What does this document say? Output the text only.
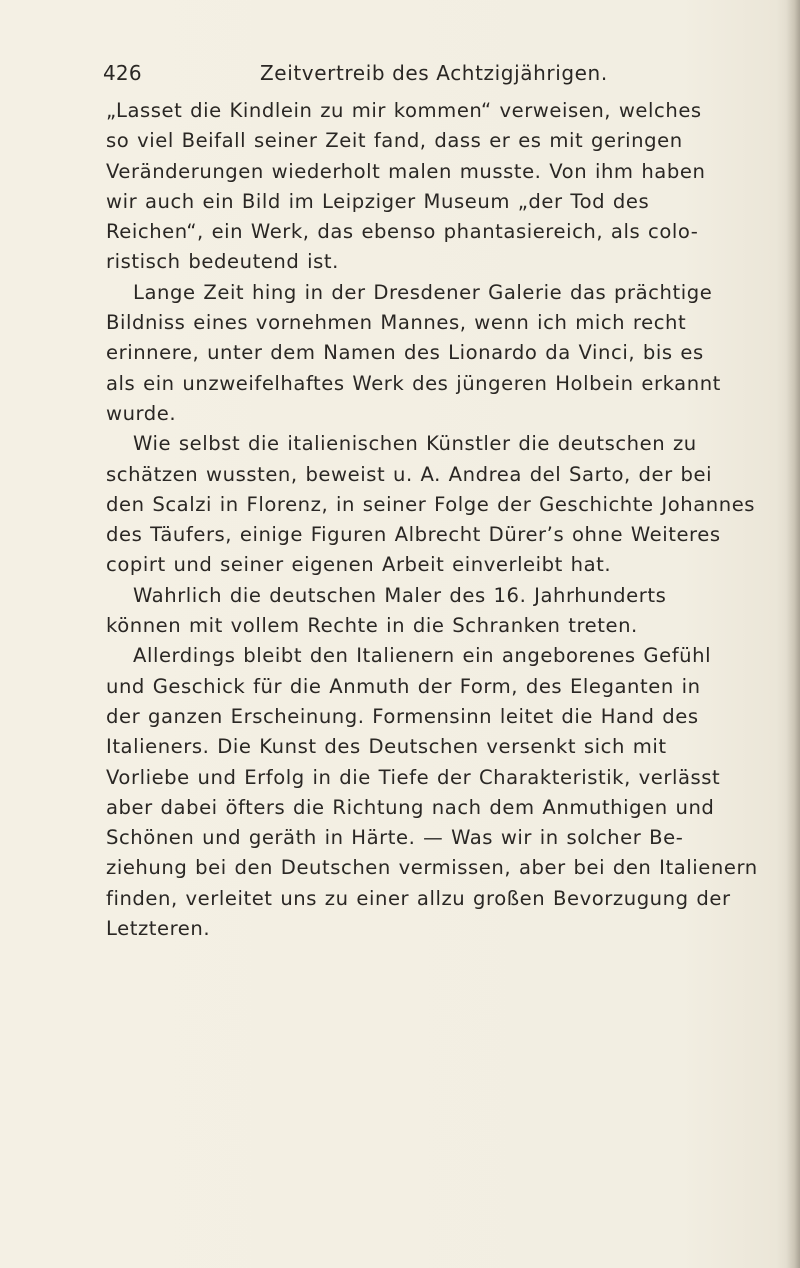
426	Zeitvertreib des Achtzigjährigen.
„Lasset die Kindlein zu mir kommen“ verweisen, welches
so viel Beifall seiner Zeit fand, dass er es mit geringen
Veränderungen wiederholt malen musste. Von ihm haben
wir auch ein Bild im Leipziger Museum „der Tod des
Reichen“, ein Werk, das ebenso phantasiereich, als colo-
ristisch bedeutend ist.
Lange Zeit hing in der Dresdener Galerie das prächtige
Bildniss eines vornehmen Mannes, wenn ich mich recht
erinnere, unter dem Namen des Lionardo da Vinci, bis es
als ein unzweifelhaftes Werk des jüngeren Holbein erkannt
wurde.
Wie selbst die italienischen Künstler die deutschen zu
schätzen wussten, beweist u. A. Andrea del Sarto, der bei
den Scalzi in Florenz, in seiner Folge der Geschichte Johannes
des Täufers, einige Figuren Albrecht Dürer’s ohne Weiteres
copirt und seiner eigenen Arbeit einverleibt hat.
Wahrlich die deutschen Maler des 16. Jahrhunderts
können mit vollem Rechte in die Schranken treten.
Allerdings bleibt den Italienern ein angeborenes Gefühl
und Geschick für die Anmuth der Form, des Eleganten in
der ganzen Erscheinung. Formensinn leitet die Hand des
Italieners. Die Kunst des Deutschen versenkt sich mit
Vorliebe und Erfolg in die Tiefe der Charakteristik, verlässt
aber dabei öfters die Richtung nach dem Anmuthigen und
Schönen und geräth in Härte. — Was wir in solcher Be-
ziehung bei den Deutschen vermissen, aber bei den Italienern
finden, verleitet uns zu einer allzu großen Bevorzugung der
Letzteren.
